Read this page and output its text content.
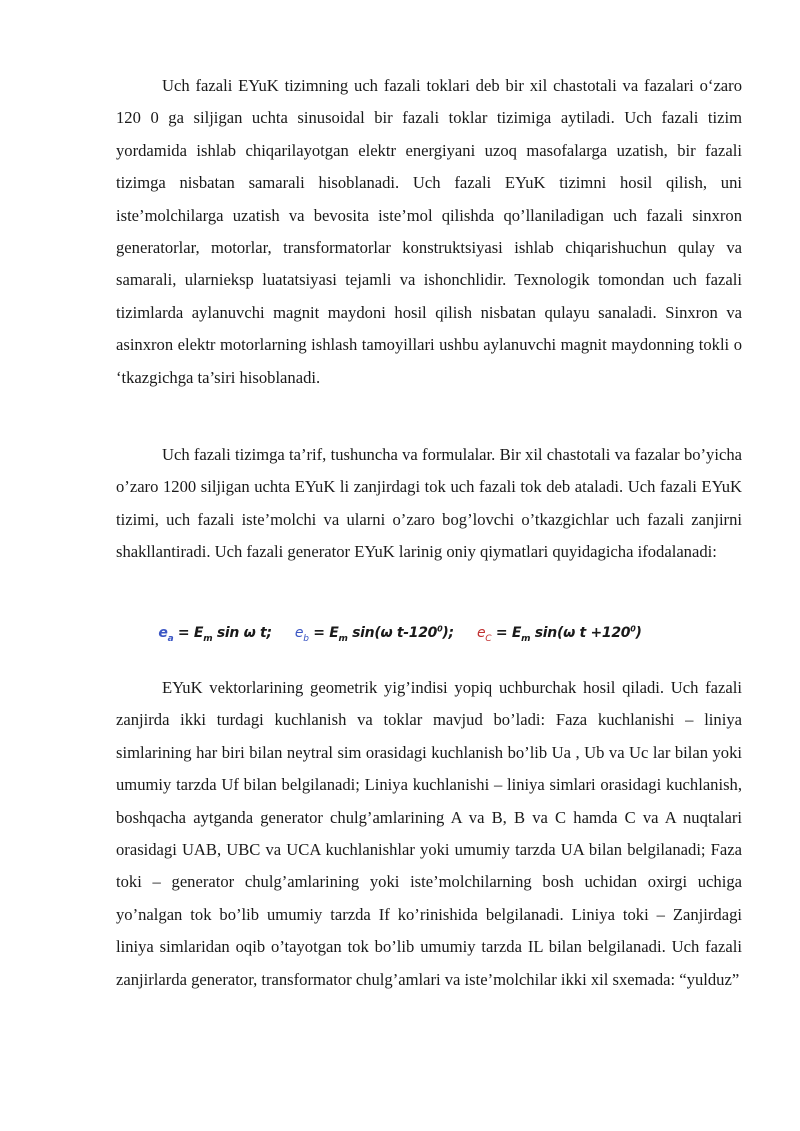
Uch fazali EYuK tizimning uch fazali toklari deb bir xil chastotali va fazalari o‘zaro 120 0 ga siljigan uchta sinusoidal bir fazali toklar tizimiga aytiladi. Uch fazali tizim yordamida ishlab chiqarilayotgan elektr energiyani uzoq masofalarga uzatish, bir fazali tizimga nisbatan samarali hisoblanadi. Uch fazali EYuK tizimni hosil qilish, uni iste’molchilarga uzatish va bevosita iste’mol qilishda qo’llaniladigan uch fazali sinxron generatorlar, motorlar, transformatorlar konstruktsiyasi ishlab chiqarishuchun qulay va samarali, ularnieksp luatatsiyasi tejamli va ishonchlidir. Texnologik tomondan uch fazali tizimlarda aylanuvchi magnit maydoni hosil qilish nisbatan qulayu sanaladi. Sinxron va asinxron elektr motorlarning ishlash tamoyillari ushbu aylanuvchi magnit maydonning tokli o ‘tkazgichga ta’siri hisoblanadi.

Uch fazali tizimga ta’rif, tushuncha va formulalar. Bir xil chastotali va fazalar bo’yicha o’zaro 1200 siljigan uchta EYuK li zanjirdagi tok uch fazali tok deb ataladi. Uch fazali EYuK tizimi, uch fazali iste’molchi va ularni o’zaro bog’lovchi o’tkazgichlar uch fazali zanjirni shakllantiradi. Uch fazali generator EYuK larinig oniy qiymatlari quyidagicha ifodalanadi:

$e_a = E_m$ sin ω t; $e_b = E_m$ sin(ω $t-120^0$); $e_C = E_m$ sin(ω $t +120^0$)

EYuK vektorlarining geometrik yig’indisi yopiq uchburchak hosil qiladi. Uch fazali zanjirda ikki turdagi kuchlanish va toklar mavjud bo’ladi: Faza kuchlanishi – liniya simlarining har biri bilan neytral sim orasidagi kuchlanish bo’lib Ua , Ub va Uc lar bilan yoki umumiy tarzda Uf bilan belgilanadi; Liniya kuchlanishi – liniya simlari orasidagi kuchlanish, boshqacha aytganda generator chulg’amlarining A va B, B va C hamda C va A nuqtalari orasidagi UAB, UBC va UCA kuchlanishlar yoki umumiy tarzda UA bilan belgilanadi; Faza toki – generator chulg’amlarining yoki iste’molchilarning bosh uchidan oxirgi uchiga yo’nalgan tok bo’lib umumiy tarzda If ko’rinishida belgilanadi. Liniya toki – Zanjirdagi liniya simlaridan oqib o’tayotgan tok bo’lib umumiy tarzda IL bilan belgilanadi. Uch fazali zanjirlarda generator, transformator chulg’amlari va iste’molchilar ikki xil sxemada: “yulduz”
